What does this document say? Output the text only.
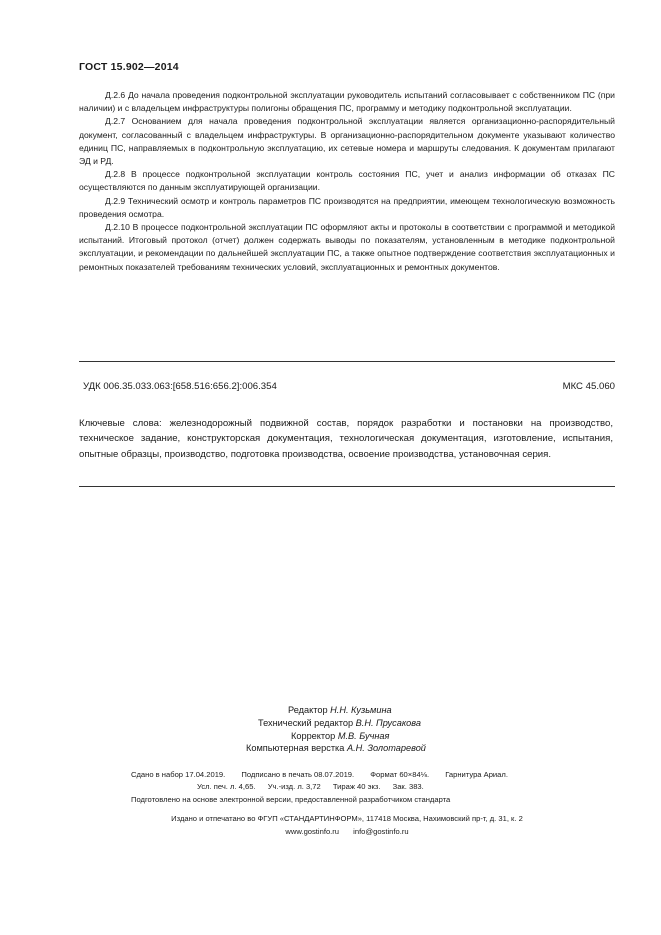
ГОСТ 15.902—2014

Д.2.6 До начала проведения подконтрольной эксплуатации руководитель испытаний согласовывает с собственником ПС (при наличии) и с владельцем инфраструктуры полигоны обращения ПС, программу и методику подконтрольной эксплуатации.

Д.2.7 Основанием для начала проведения подконтрольной эксплуатации является организационно-распорядительный документ, согласованный с владельцем инфраструктуры. В организационно-распорядительном документе указывают количество единиц ПС, направляемых в подконтрольную эксплуатацию, их сетевые номера и маршруты следования. К документам прилагают ЭД и РД.

Д.2.8 В процессе подконтрольной эксплуатации контроль состояния ПС, учет и анализ информации об отказах ПС осуществляются по данным эксплуатирующей организации.

Д.2.9 Технический осмотр и контроль параметров ПС производятся на предприятии, имеющем технологическую возможность проведения осмотра.

Д.2.10 В процессе подконтрольной эксплуатации ПС оформляют акты и протоколы в соответствии с программой и методикой испытаний. Итоговый протокол (отчет) должен содержать выводы по показателям, установленным в методике подконтрольной эксплуатации, и рекомендации по дальнейшей эксплуатации ПС, а также опытное подтверждение соответствия эксплуатационных и ремонтных показателей требованиям технических условий, эксплуатационных и ремонтных документов.

УДК 006.35.033.063:[658.516:656.2]:006.354	МКС 45.060
Ключевые слова: железнодорожный подвижной состав, порядок разработки и постановки на производство, техническое задание, конструкторская документация, технологическая документация, изготовление, испытания, опытные образцы, производство, подготовка производства, освоение производства, установочная серия.
Редактор Н.Н. Кузьмина
Технический редактор В.Н. Прусакова
Корректор М.В. Бучная
Компьютерная верстка А.Н. Золотаревой
Сдано в набор 17.04.2019. Подписано в печать 08.07.2019. Формат 60×84⅛. Гарнитура Ариал.
Усл. печ. л. 4,65. Уч.-изд. л. 3,72 Тираж 40 экз. Зак. 383.
Подготовлено на основе электронной версии, предоставленной разработчиком стандарта
Издано и отпечатано во ФГУП «СТАНДАРТИНФОРМ», 117418 Москва, Нахимовский пр-т, д. 31, к. 2
www.gostinfo.ru info@gostinfo.ru
